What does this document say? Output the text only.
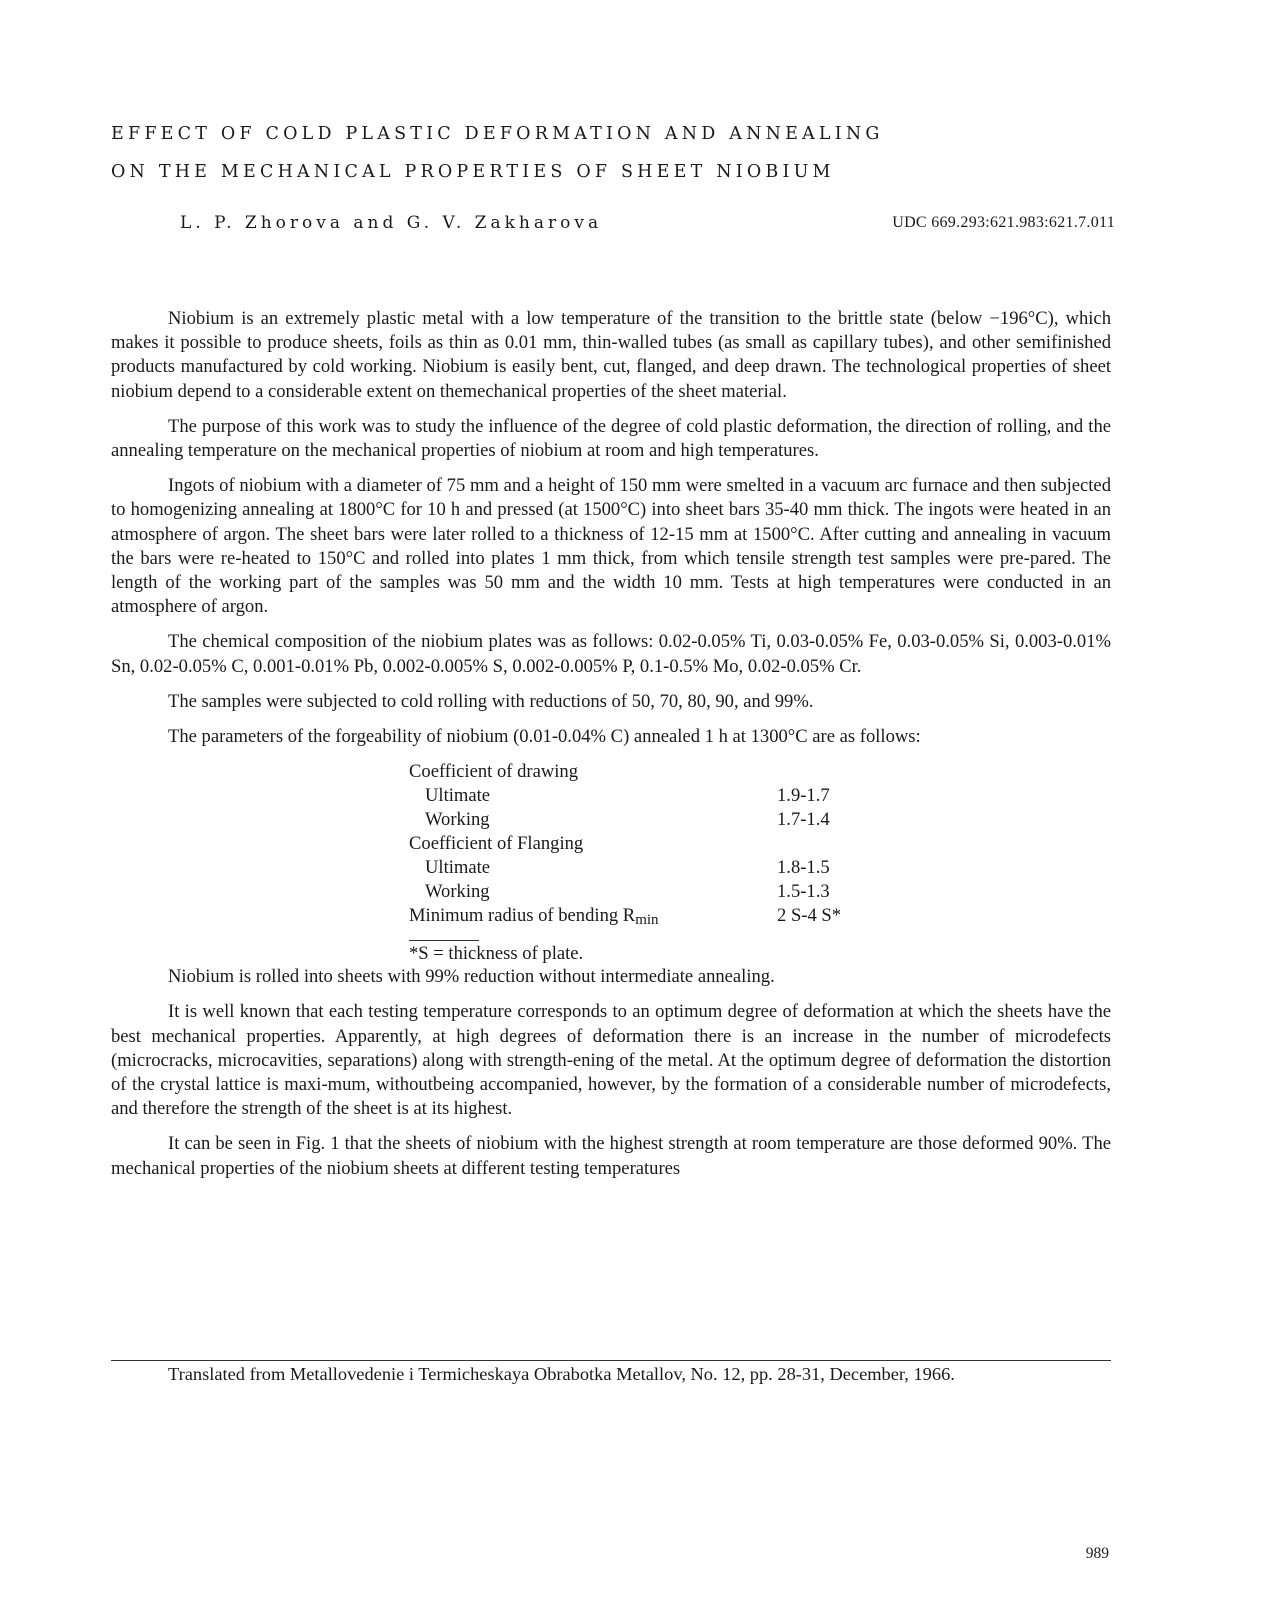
EFFECT OF COLD PLASTIC DEFORMATION AND ANNEALING
ON THE MECHANICAL PROPERTIES OF SHEET NIOBIUM
L. P. Zhorova and G. V. Zakharova	UDC 669.293:621.983:621.7.011

Niobium is an extremely plastic metal with a low temperature of the transition to the brittle state (below −196°C), which makes it possible to produce sheets, foils as thin as 0.01 mm, thin-walled tubes (as small as capillary tubes), and other semifinished products manufactured by cold working. Niobium is easily bent, cut, flanged, and deep drawn. The technological properties of sheet niobium depend to a considerable extent on themechanical properties of the sheet material.

The purpose of this work was to study the influence of the degree of cold plastic deformation, the direction of rolling, and the annealing temperature on the mechanical properties of niobium at room and high temperatures.

Ingots of niobium with a diameter of 75 mm and a height of 150 mm were smelted in a vacuum arc furnace and then subjected to homogenizing annealing at 1800°C for 10 h and pressed (at 1500°C) into sheet bars 35-40 mm thick. The ingots were heated in an atmosphere of argon. The sheet bars were later rolled to a thickness of 12-15 mm at 1500°C. After cutting and annealing in vacuum the bars were re-heated to 150°C and rolled into plates 1 mm thick, from which tensile strength test samples were pre-pared. The length of the working part of the samples was 50 mm and the width 10 mm. Tests at high temperatures were conducted in an atmosphere of argon.

The chemical composition of the niobium plates was as follows: 0.02-0.05% Ti, 0.03-0.05% Fe, 0.03-0.05% Si, 0.003-0.01% Sn, 0.02-0.05% C, 0.001-0.01% Pb, 0.002-0.005% S, 0.002-0.005% P, 0.1-0.5% Mo, 0.02-0.05% Cr.

The samples were subjected to cold rolling with reductions of 50, 70, 80, 90, and 99%.

The parameters of the forgeability of niobium (0.01-0.04% C) annealed 1 h at 1300°C are as follows:

Coefficient of drawing
Ultimate	1.9-1.7
Working	1.7-1.4
Coefficient of Flanging
Ultimate	1.8-1.5
Working	1.5-1.3
Minimum radius of bending $R_{min}$	2 S-4 S*
*S = thickness of plate.

Niobium is rolled into sheets with 99% reduction without intermediate annealing.

It is well known that each testing temperature corresponds to an optimum degree of deformation at which the sheets have the best mechanical properties. Apparently, at high degrees of deformation there is an increase in the number of microdefects (microcracks, microcavities, separations) along with strength-ening of the metal. At the optimum degree of deformation the distortion of the crystal lattice is maxi-mum, withoutbeing accompanied, however, by the formation of a considerable number of microdefects, and therefore the strength of the sheet is at its highest.

It can be seen in Fig. 1 that the sheets of niobium with the highest strength at room temperature are those deformed 90%. The mechanical properties of the niobium sheets at different testing temperatures

Translated from Metallovedenie i Termicheskaya Obrabotka Metallov, No. 12, pp. 28-31, December, 1966.
989
